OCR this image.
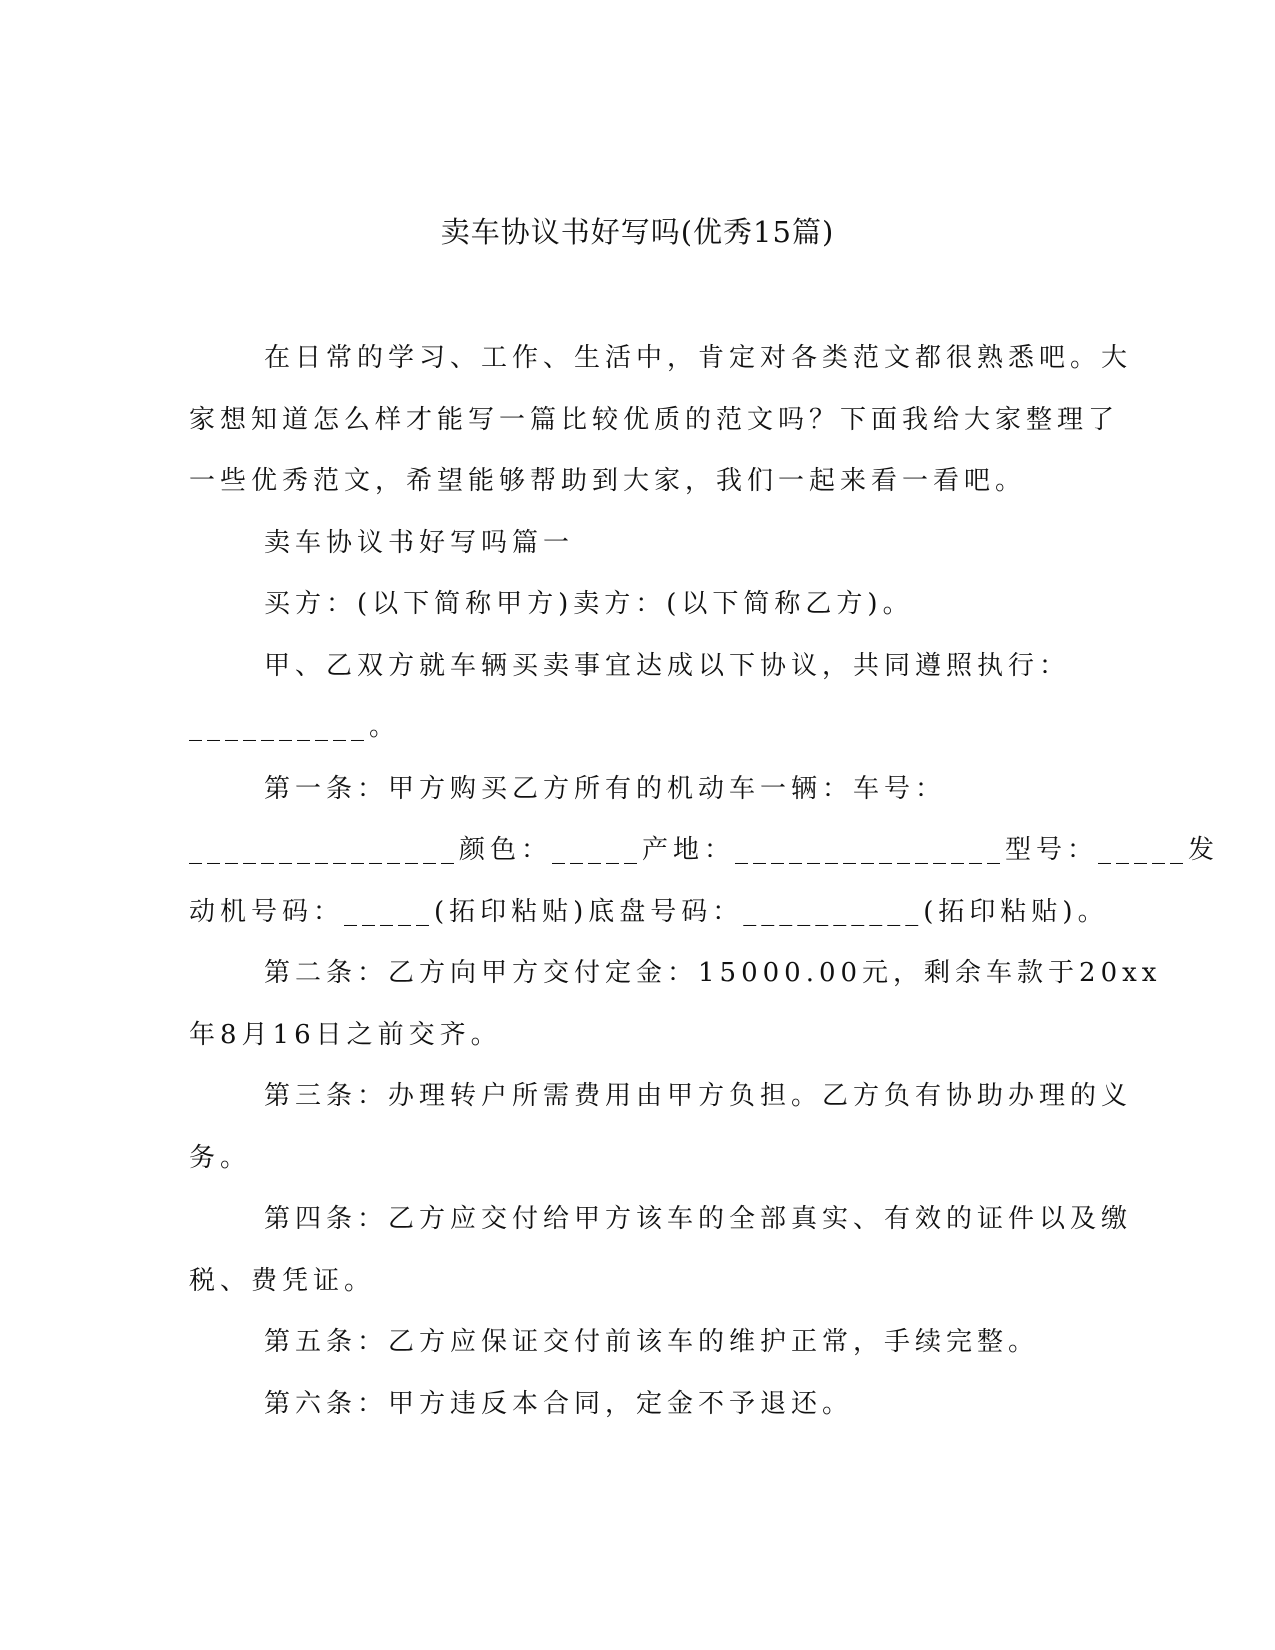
卖车协议书好写吗(优秀15篇)

在日常的学习、工作、生活中，肯定对各类范文都很熟悉吧。大

家想知道怎么样才能写一篇比较优质的范文吗？下面我给大家整理了

一些优秀范文，希望能够帮助到大家，我们一起来看一看吧。

卖车协议书好写吗篇一

买方：(以下简称甲方)卖方：(以下简称乙方)。

甲、乙双方就车辆买卖事宜达成以下协议，共同遵照执行：

__________。

第一条：甲方购买乙方所有的机动车一辆：车号：

_______________颜色：_____产地：_______________型号：_____发

动机号码：_____(拓印粘贴)底盘号码：__________(拓印粘贴)。

第二条：乙方向甲方交付定金：15000.00元，剩余车款于20xx

年8月16日之前交齐。

第三条：办理转户所需费用由甲方负担。乙方负有协助办理的义

务。

第四条：乙方应交付给甲方该车的全部真实、有效的证件以及缴

税、费凭证。

第五条：乙方应保证交付前该车的维护正常，手续完整。

第六条：甲方违反本合同，定金不予退还。
